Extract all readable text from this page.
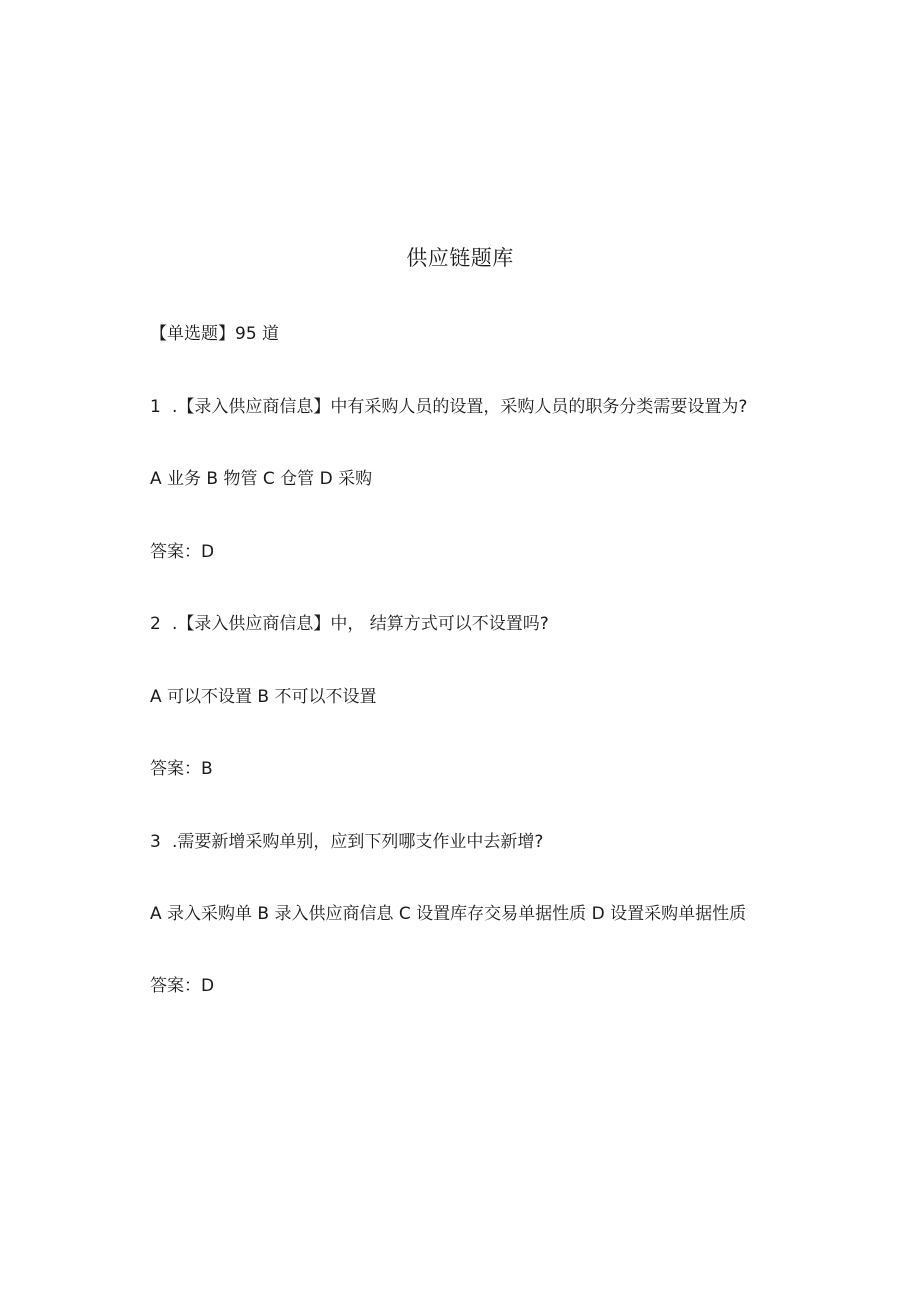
供应链题库
【单选题】95 道
1 .【录入供应商信息】中有采购人员的设置，采购人员的职务分类需要设置为?
A 业务 B 物管 C 仓管 D 采购
答案：D
2 .【录入供应商信息】中， 结算方式可以不设置吗?
A 可以不设置 B 不可以不设置
答案：B
3 .需要新增采购单别，应到下列哪支作业中去新增?
A 录入采购单 B 录入供应商信息 C 设置库存交易单据性质 D 设置采购单据性质
答案：D
